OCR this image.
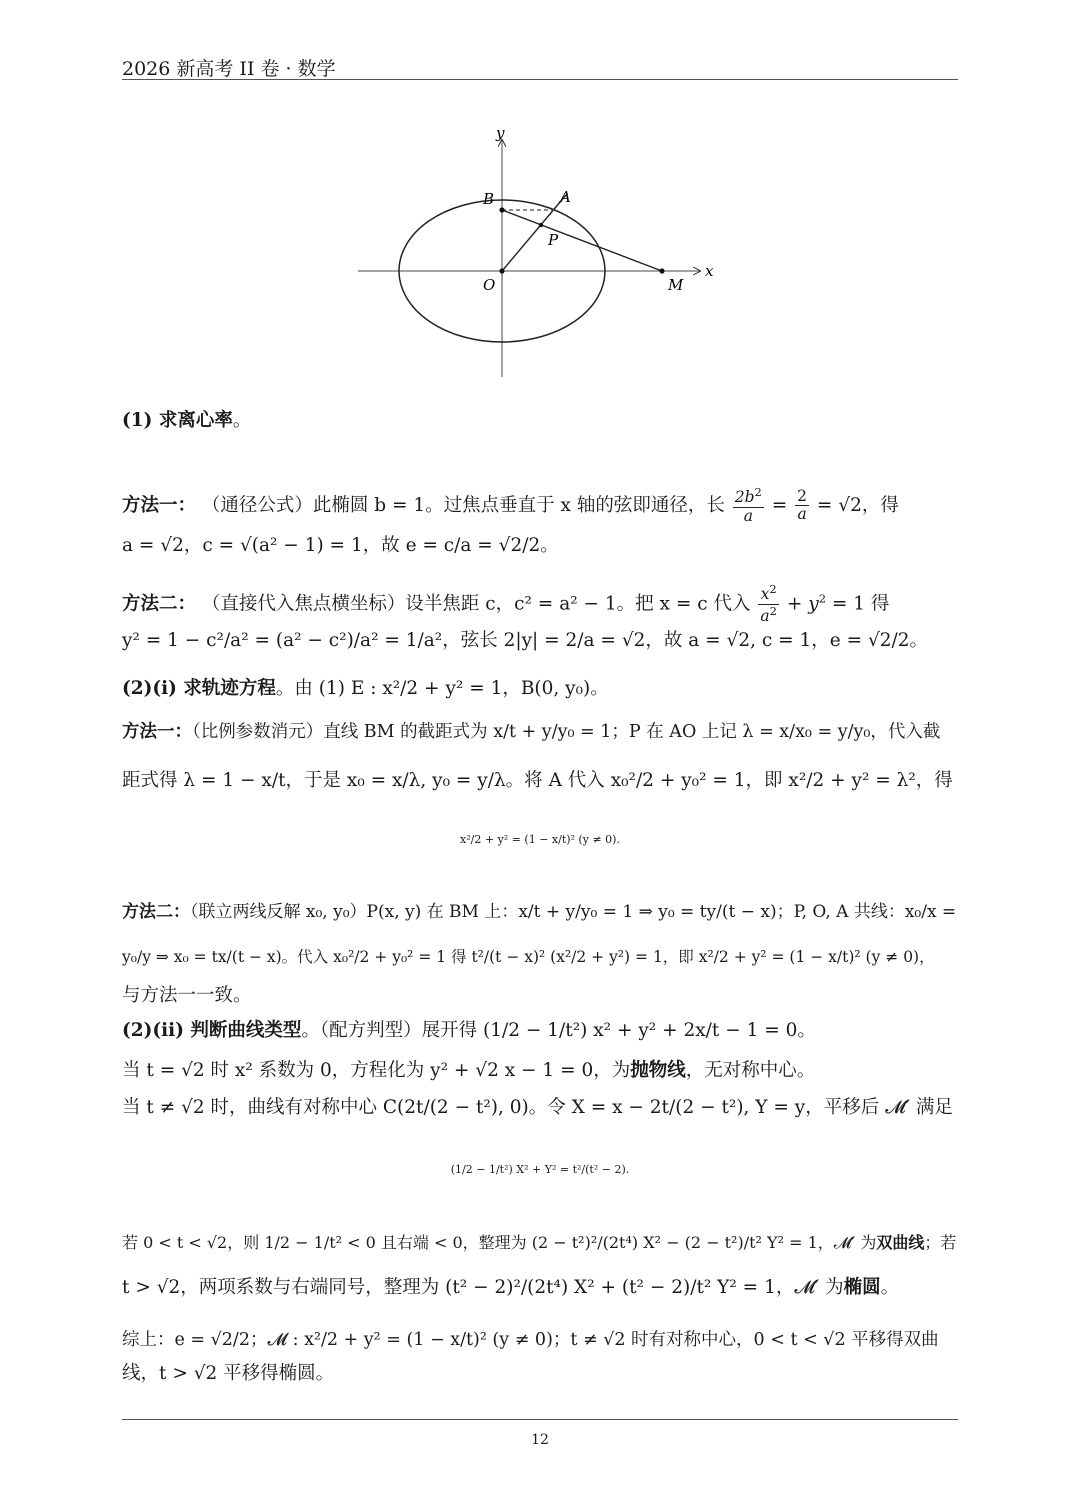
2026 新高考 II 卷 · 数学
y
x
B	A
P
O	M
(1) 求离心率。
方法一： （通径公式）此椭圆 b = 1。过焦点垂直于 x 轴的弦即通径，长 $\frac{2b^2}{a} = \frac{2}{a} = √2$，得
a = √2，c = √(a² − 1) = 1，故 e = c/a = √2/2。
方法二： （直接代入焦点横坐标）设半焦距 c，c² = a² − 1。把 x = c 代入 $\frac{x^2}{a^2} + y^2 = 1$ 得
y² = 1 − c²/a² = (a² − c²)/a² = 1/a²，弦长 2|y| = 2/a = √2，故 a = √2, c = 1，e = √2/2。
(2)(i) 求轨迹方程。由 (1) E : x²/2 + y² = 1，B(0, y₀)。
方法一：（比例参数消元）直线 BM 的截距式为 x/t + y/y₀ = 1；P 在 AO 上记 λ = x/x₀ = y/y₀，代入截
距式得 λ = 1 − x/t，于是 x₀ = x/λ, y₀ = y/λ。将 A 代入 x₀²/2 + y₀² = 1，即 x²/2 + y² = λ²，得
x²/2 + y² = (1 − x/t)² (y ≠ 0).
方法二：（联立两线反解 x₀, y₀）P(x, y) 在 BM 上：x/t + y/y₀ = 1 ⇒ y₀ = ty/(t − x)；P, O, A 共线：x₀/x =
y₀/y ⇒ x₀ = tx/(t − x)。代入 x₀²/2 + y₀² = 1 得 t²/(t − x)² (x²/2 + y²) = 1，即 x²/2 + y² = (1 − x/t)² (y ≠ 0)，
与方法一一致。
(2)(ii) 判断曲线类型。（配方判型）展开得 (1/2 − 1/t²) x² + y² + 2x/t − 1 = 0。
当 t = √2 时 x² 系数为 0，方程化为 y² + √2 x − 1 = 0，为抛物线，无对称中心。
当 t ≠ √2 时，曲线有对称中心 C(2t/(2 − t²), 0)。令 X = x − 2t/(2 − t²), Y = y，平移后 𝓜′ 满足
(1/2 − 1/t²) X² + Y² = t²/(t² − 2).
若 0 < t < √2，则 1/2 − 1/t² < 0 且右端 < 0，整理为 (2 − t²)²/(2t⁴) X² − (2 − t²)/t² Y² = 1，𝓜′ 为双曲线；若
t > √2，两项系数与右端同号，整理为 (t² − 2)²/(2t⁴) X² + (t² − 2)/t² Y² = 1，𝓜′ 为椭圆。
综上：e = √2/2；𝓜 : x²/2 + y² = (1 − x/t)² (y ≠ 0)；t ≠ √2 时有对称中心，0 < t < √2 平移得双曲
线，t > √2 平移得椭圆。
12
